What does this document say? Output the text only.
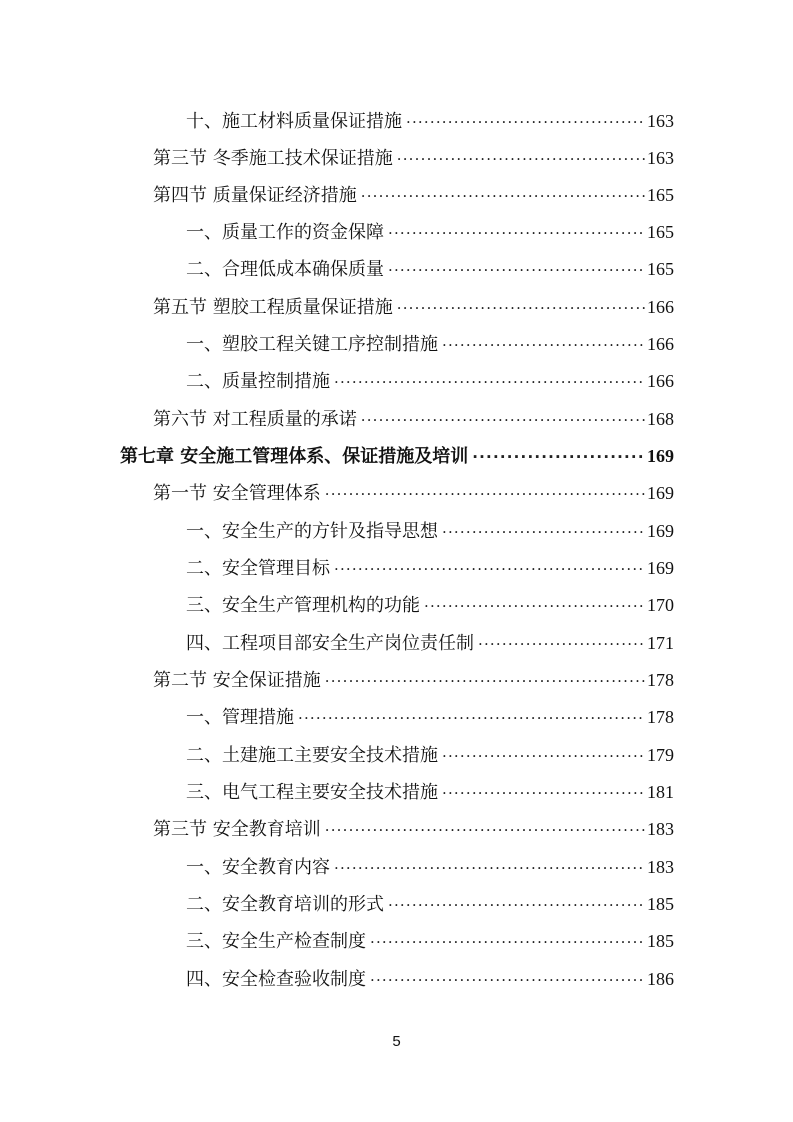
十、施工材料质量保证措施 ·····	163
第三节 冬季施工技术保证措施 ·····	163
第四节 质量保证经济措施 ·····	165
一、质量工作的资金保障 ·····	165
二、合理低成本确保质量 ·····	165
第五节 塑胶工程质量保证措施 ·····	166
一、塑胶工程关键工序控制措施 ·····	166
二、质量控制措施 ·····	166
第六节 对工程质量的承诺 ·····	168
第七章 安全施工管理体系、保证措施及培训 ·····	169
第一节 安全管理体系 ·····	169
一、安全生产的方针及指导思想 ·····	169
二、安全管理目标 ·····	169
三、安全生产管理机构的功能 ·····	170
四、工程项目部安全生产岗位责任制 ·····	171
第二节 安全保证措施 ·····	178
一、管理措施 ·····	178
二、土建施工主要安全技术措施 ·····	179
三、电气工程主要安全技术措施 ·····	181
第三节 安全教育培训 ·····	183
一、安全教育内容 ·····	183
二、安全教育培训的形式 ·····	185
三、安全生产检查制度 ·····	185
四、安全检查验收制度 ·····	186
5
